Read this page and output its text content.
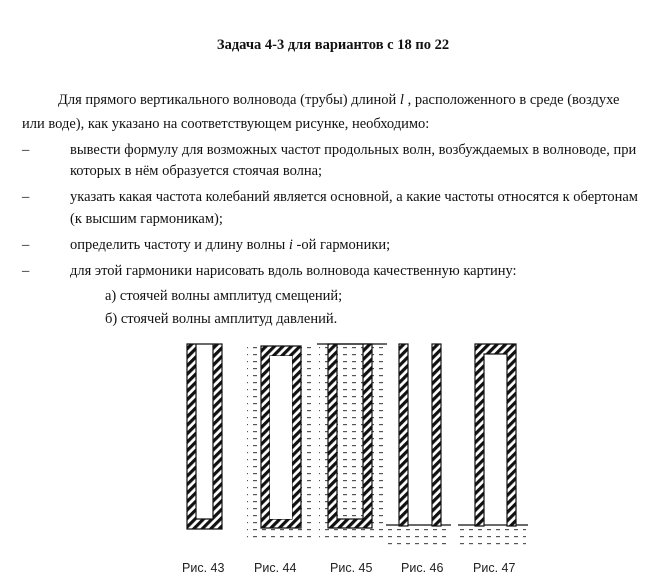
Задача 4-3 для вариантов с 18 по 22
Для прямого вертикального волновода (трубы) длиной l , расположенного в среде (воздухе
или воде), как указано на соответствующем рисунке, необходимо:
–	вывести формулу для возможных частот продольных волн, возбуждаемых в волноводе, при
которых в нём образуется стоячая волна;
–	указать какая частота колебаний является основной, а какие частоты относятся к обертонам
(к высшим гармоникам);
–	определить частоту и длину волны i -ой гармоники;
–	для этой гармоники нарисовать вдоль волновода качественную картину:
а) стоячей волны амплитуд смещений;
б) стоячей волны амплитуд давлений.
Рис. 43 Рис. 44	Рис. 45 Рис. 46 Рис. 47
